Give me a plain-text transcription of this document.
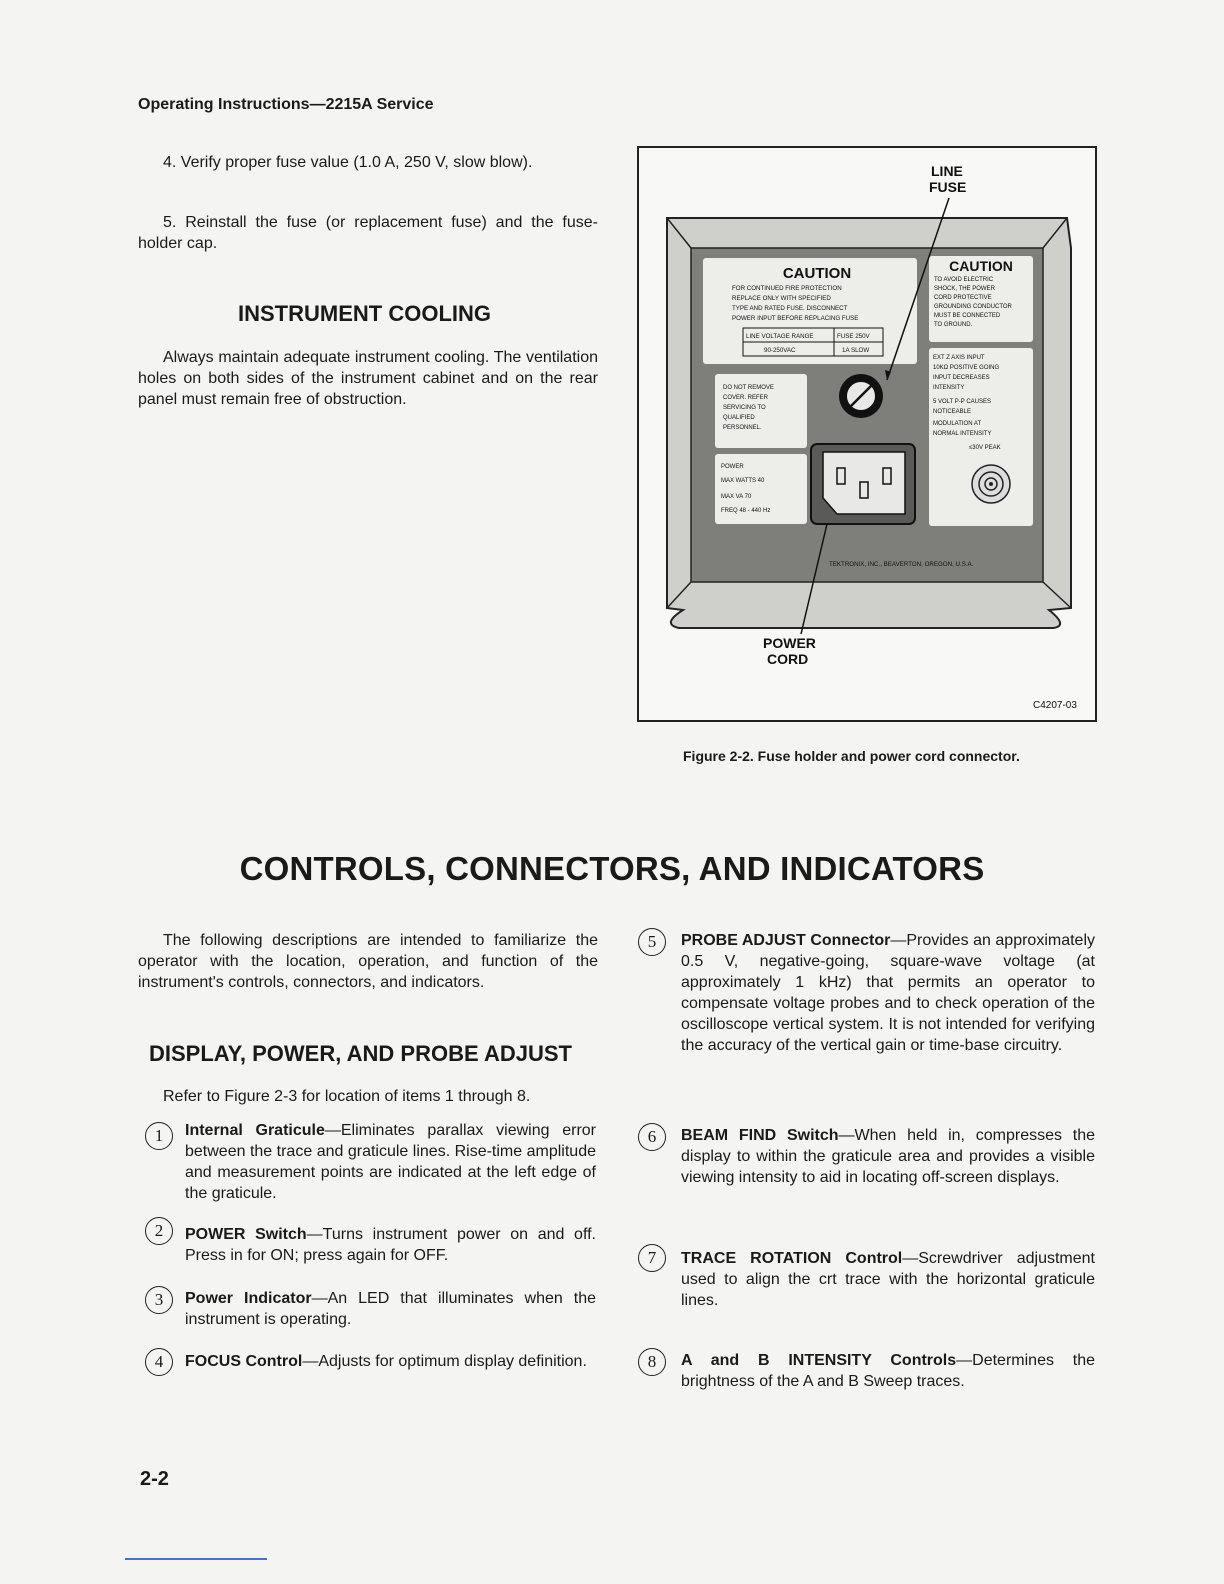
Operating Instructions—2215A Service
4. Verify proper fuse value (1.0 A, 250 V, slow blow).
5. Reinstall the fuse (or replacement fuse) and the fuse-holder cap.
INSTRUMENT COOLING
Always maintain adequate instrument cooling. The ventilation holes on both sides of the instrument cabinet and on the rear panel must remain free of obstruction.
CAUTION
FOR CONTINUED FIRE PROTECTION
REPLACE ONLY WITH SPECIFIED
TYPE AND RATED FUSE. DISCONNECT
POWER INPUT BEFORE REPLACING FUSE
LINE VOLTAGE RANGE	FUSE 250V
90-250VAC	1A SLOW
CAUTION
TO AVOID ELECTRIC
SHOCK, THE POWER
CORD PROTECTIVE
GROUNDING CONDUCTOR
MUST BE CONNECTED
TO GROUND.
DO NOT REMOVE
COVER. REFER
SERVICING TO
QUALIFIED
PERSONNEL.
POWER
MAX WATTS 40
MAX VA 70
FREQ 48 - 440 Hz
EXT Z AXIS INPUT
10KΩ POSITIVE GOING
INPUT DECREASES
INTENSITY
5 VOLT P-P CAUSES
NOTICEABLE
MODULATION AT
NORMAL INTENSITY
≤30V PEAK
TEKTRONIX, INC., BEAVERTON, OREGON, U.S.A.
LINE
FUSE
POWER
CORD
C4207-03
Figure 2-2. Fuse holder and power cord connector.
CONTROLS, CONNECTORS, AND INDICATORS
The following descriptions are intended to familiarize the operator with the location, operation, and function of the instrument's controls, connectors, and indicators.
DISPLAY, POWER, AND PROBE ADJUST
Refer to Figure 2-3 for location of items 1 through 8.
1	Internal Graticule—Eliminates parallax viewing error between the trace and graticule lines. Rise-time amplitude and measurement points are indicated at the left edge of the graticule.
2	POWER Switch—Turns instrument power on and off. Press in for ON; press again for OFF.
3	Power Indicator—An LED that illuminates when the instrument is operating.
4	FOCUS Control—Adjusts for optimum display definition.
5	PROBE ADJUST Connector—Provides an approximately 0.5 V, negative-going, square-wave voltage (at approximately 1 kHz) that permits an operator to compensate voltage probes and to check operation of the oscilloscope vertical system. It is not intended for verifying the accuracy of the vertical gain or time-base circuitry.
6	BEAM FIND Switch—When held in, compresses the display to within the graticule area and provides a visible viewing intensity to aid in locating off-screen displays.
7	TRACE ROTATION Control—Screwdriver adjustment used to align the crt trace with the horizontal graticule lines.
8	A and B INTENSITY Controls—Determines the brightness of the A and B Sweep traces.
2-2
